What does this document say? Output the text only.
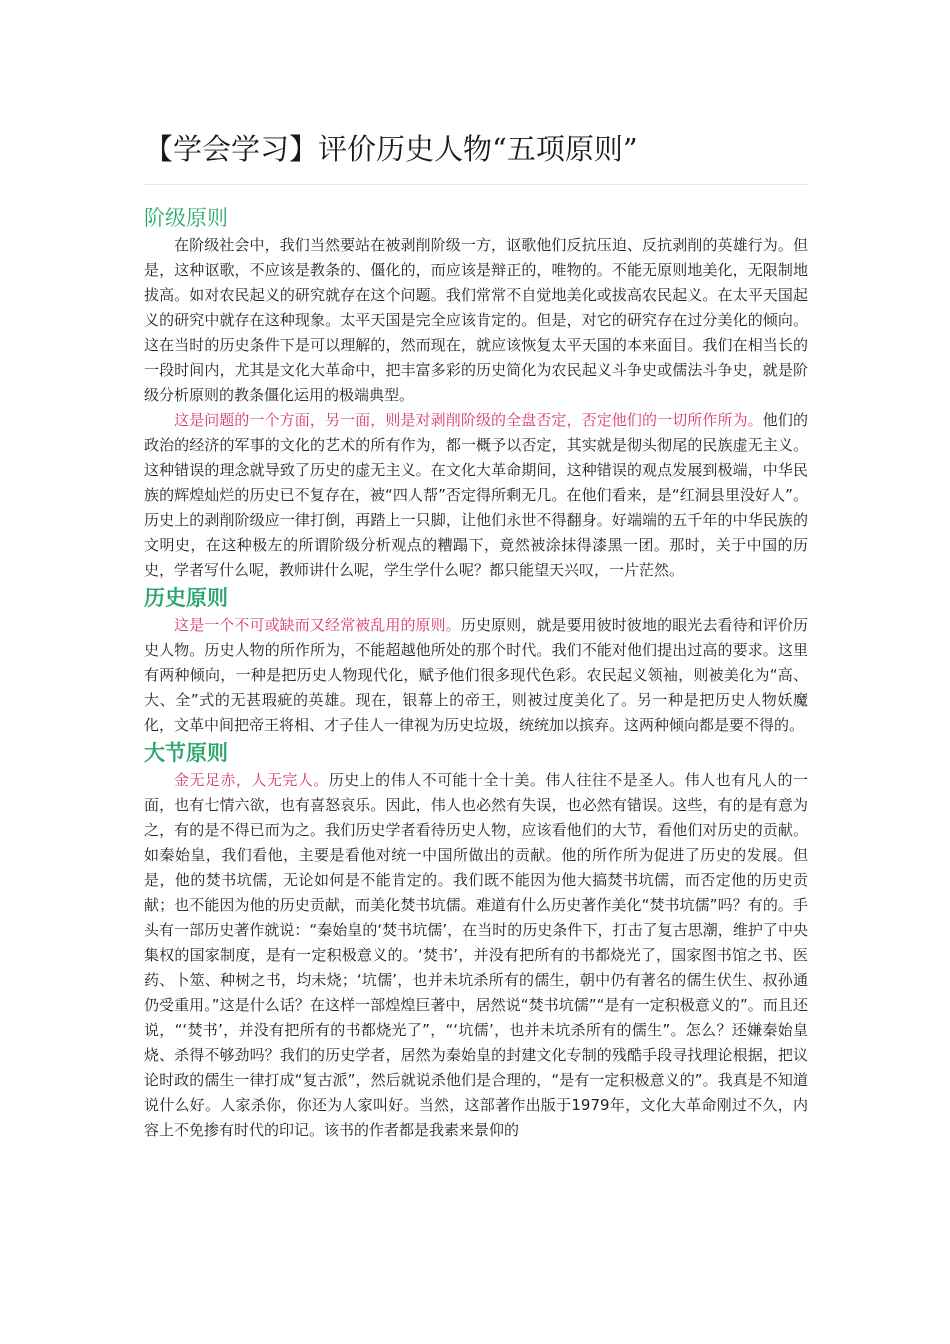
【学会学习】评价历史人物“五项原则”
阶级原则

在阶级社会中，我们当然要站在被剥削阶级一方，讴歌他们反抗压迫、反抗剥削的英雄行为。但是，这种讴歌，不应该是教条的、僵化的，而应该是辩正的，唯物的。不能无原则地美化，无限制地拔高。如对农民起义的研究就存在这个问题。我们常常不自觉地美化或拔高农民起义。在太平天国起义的研究中就存在这种现象。太平天国是完全应该肯定的。但是，对它的研究存在过分美化的倾向。这在当时的历史条件下是可以理解的，然而现在，就应该恢复太平天国的本来面目。我们在相当长的一段时间内，尤其是文化大革命中，把丰富多彩的历史简化为农民起义斗争史或儒法斗争史，就是阶级分析原则的教条僵化运用的极端典型。

这是问题的一个方面，另一面，则是对剥削阶级的全盘否定，否定他们的一切所作所为。他们的政治的经济的军事的文化的艺术的所有作为，都一概予以否定，其实就是彻头彻尾的民族虚无主义。这种错误的理念就导致了历史的虚无主义。在文化大革命期间，这种错误的观点发展到极端，中华民族的辉煌灿烂的历史已不复存在，被“四人帮”否定得所剩无几。在他们看来，是“红洞县里没好人”。历史上的剥削阶级应一律打倒，再踏上一只脚，让他们永世不得翻身。好端端的五千年的中华民族的文明史，在这种极左的所谓阶级分析观点的糟蹋下，竟然被涂抹得漆黑一团。那时，关于中国的历史，学者写什么呢，教师讲什么呢，学生学什么呢？都只能望天兴叹，一片茫然。

历史原则

这是一个不可或缺而又经常被乱用的原则。历史原则，就是要用彼时彼地的眼光去看待和评价历史人物。历史人物的所作所为，不能超越他所处的那个时代。我们不能对他们提出过高的要求。这里有两种倾向，一种是把历史人物现代化，赋予他们很多现代色彩。农民起义领袖，则被美化为“高、大、全”式的无甚瑕疵的英雄。现在，银幕上的帝王，则被过度美化了。另一种是把历史人物妖魔化，文革中间把帝王将相、才子佳人一律视为历史垃圾，统统加以摈弃。这两种倾向都是要不得的。

大节原则

金无足赤，人无完人。历史上的伟人不可能十全十美。伟人往往不是圣人。伟人也有凡人的一面，也有七情六欲，也有喜怒哀乐。因此，伟人也必然有失误，也必然有错误。这些，有的是有意为之，有的是不得已而为之。我们历史学者看待历史人物，应该看他们的大节，看他们对历史的贡献。如秦始皇，我们看他，主要是看他对统一中国所做出的贡献。他的所作所为促进了历史的发展。但是，他的焚书坑儒，无论如何是不能肯定的。我们既不能因为他大搞焚书坑儒，而否定他的历史贡献；也不能因为他的历史贡献，而美化焚书坑儒。难道有什么历史著作美化“焚书坑儒”吗？有的。手头有一部历史著作就说：“秦始皇的‘焚书坑儒’，在当时的历史条件下，打击了复古思潮，维护了中央集权的国家制度，是有一定积极意义的。‘焚书’，并没有把所有的书都烧光了，国家图书馆之书、医药、卜筮、种树之书，均未烧；‘坑儒’，也并未坑杀所有的儒生，朝中仍有著名的儒生伏生、叔孙通仍受重用。”这是什么话？在这样一部煌煌巨著中，居然说“焚书坑儒”“是有一定积极意义的”。而且还说，“‘焚书’，并没有把所有的书都烧光了”，“‘坑儒’，也并未坑杀所有的儒生”。怎么？还嫌秦始皇烧、杀得不够劲吗？我们的历史学者，居然为秦始皇的封建文化专制的残酷手段寻找理论根据，把议论时政的儒生一律打成“复古派”，然后就说杀他们是合理的，“是有一定积极意义的”。我真是不知道说什么好。人家杀你，你还为人家叫好。当然，这部著作出版于1979年，文化大革命刚过不久，内容上不免掺有时代的印记。该书的作者都是我素来景仰的
